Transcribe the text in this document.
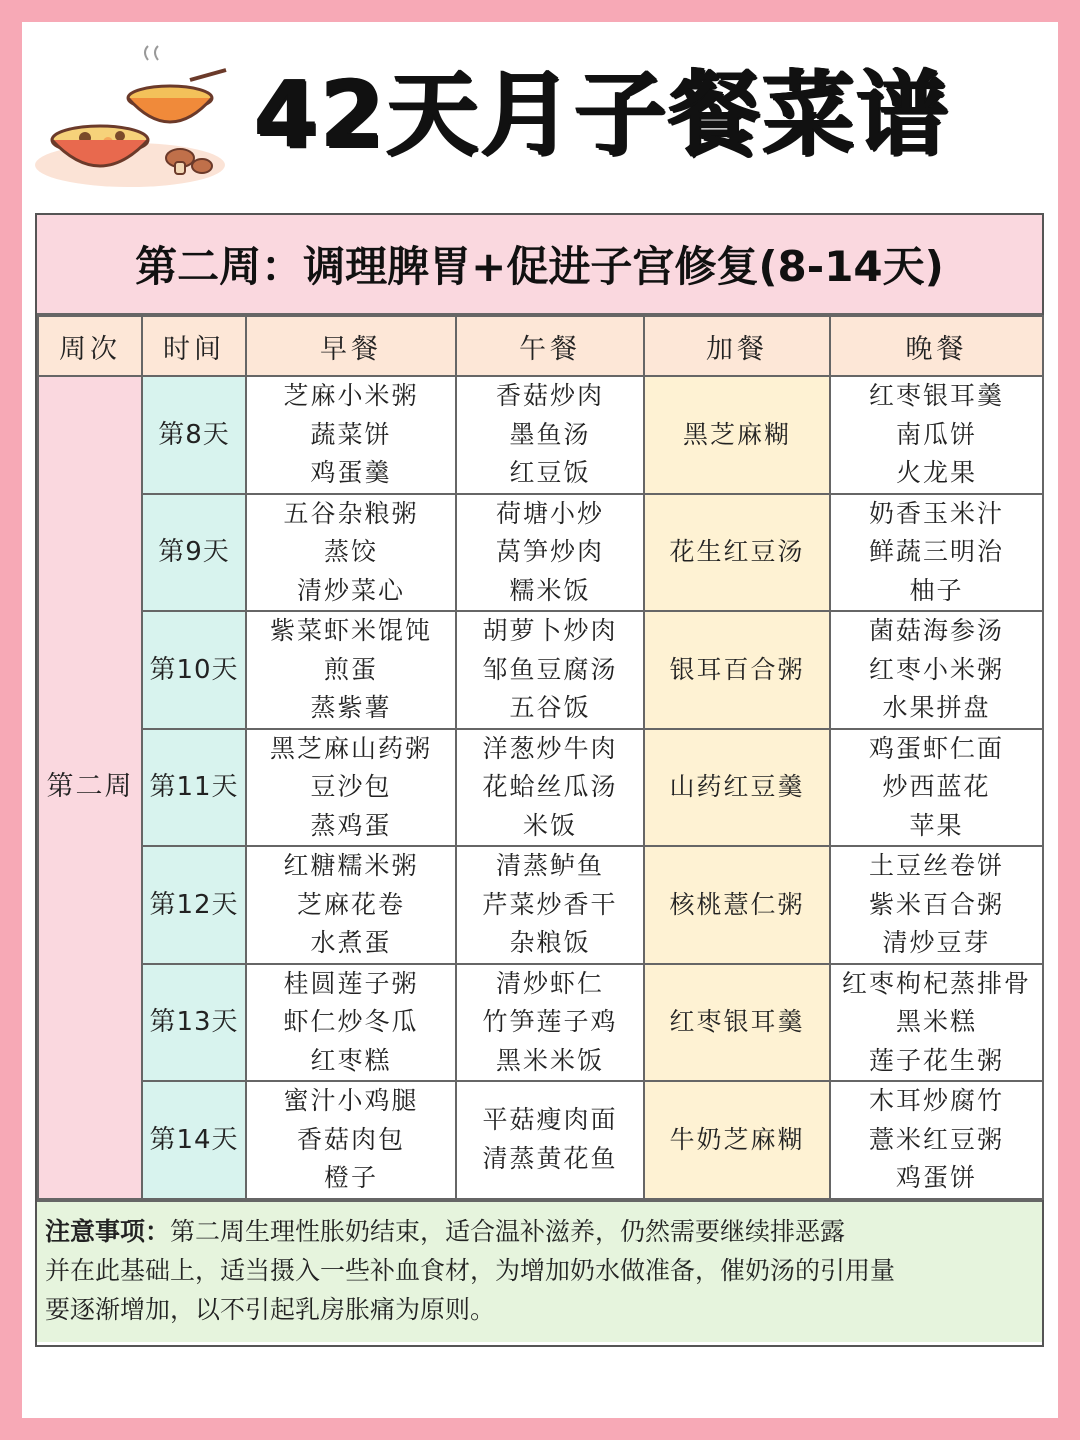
42天月子餐菜谱
第二周：调理脾胃+促进子宫修复(8-14天)
周次	时间	早餐	午餐	加餐	晚餐
第二周	第8天	芝麻小米粥
蔬菜饼
鸡蛋羹	香菇炒肉
墨鱼汤
红豆饭	黑芝麻糊	红枣银耳羹
南瓜饼
火龙果

	第9天	五谷杂粮粥
蒸饺
清炒菜心	荷塘小炒
莴笋炒肉
糯米饭	花生红豆汤	奶香玉米汁
鲜蔬三明治
柚子

	第10天	紫菜虾米馄饨
煎蛋
蒸紫薯	胡萝卜炒肉
邹鱼豆腐汤
五谷饭	银耳百合粥	菌菇海参汤
红枣小米粥
水果拼盘

	第11天	黑芝麻山药粥
豆沙包
蒸鸡蛋	洋葱炒牛肉
花蛤丝瓜汤
米饭	山药红豆羹	鸡蛋虾仁面
炒西蓝花
苹果

	第12天	红糖糯米粥
芝麻花卷
水煮蛋	清蒸鲈鱼
芹菜炒香干
杂粮饭	核桃薏仁粥	土豆丝卷饼
紫米百合粥
清炒豆芽

	第13天	桂圆莲子粥
虾仁炒冬瓜
红枣糕	清炒虾仁
竹笋莲子鸡
黑米米饭	红枣银耳羹	红枣枸杞蒸排骨
黑米糕
莲子花生粥

	第14天	蜜汁小鸡腿
香菇肉包
橙子	平菇瘦肉面
清蒸黄花鱼	牛奶芝麻糊	木耳炒腐竹
薏米红豆粥
鸡蛋饼
注意事项：第二周生理性胀奶结束，适合温补滋养，仍然需要继续排恶露
并在此基础上，适当摄入一些补血食材，为增加奶水做准备，催奶汤的引用量
要逐渐增加，以不引起乳房胀痛为原则。
